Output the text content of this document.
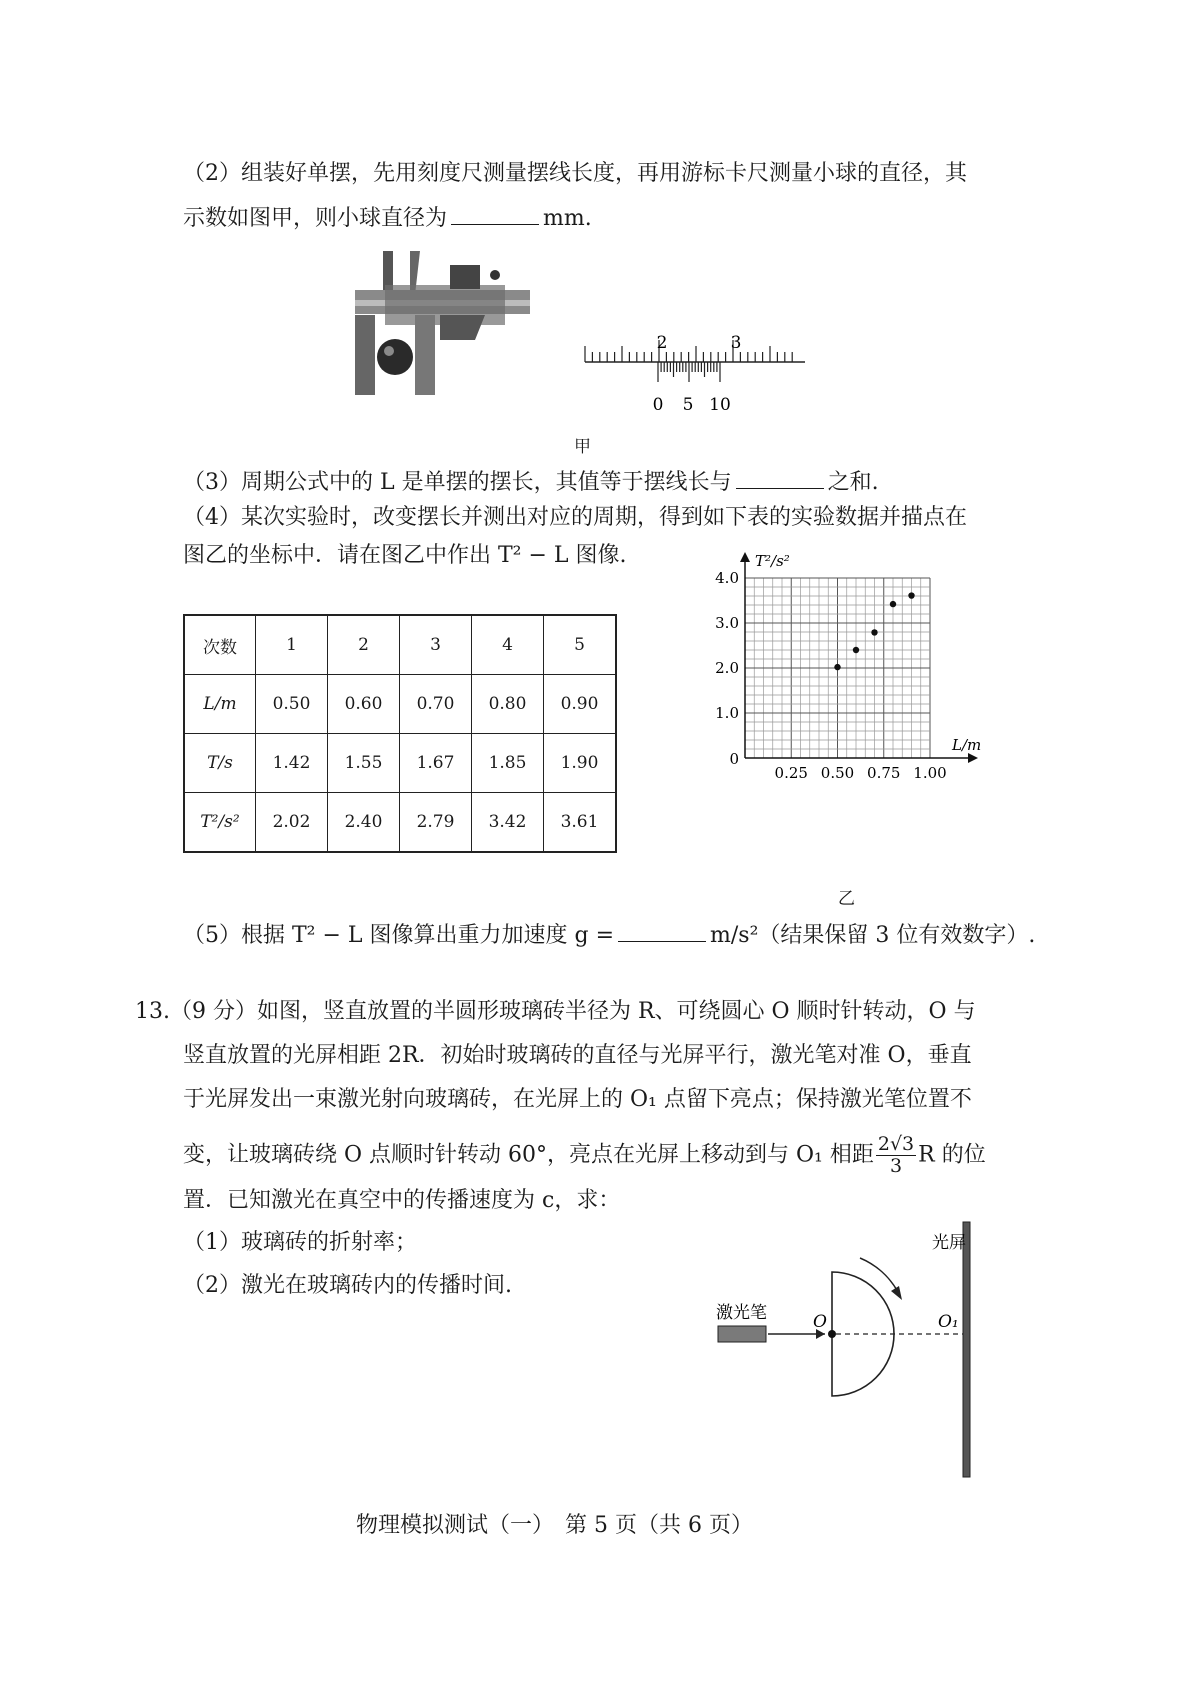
（2）组装好单摆，先用刻度尺测量摆线长度，再用游标卡尺测量小球的直径，其
示数如图甲，则小球直径为	mm.
2	3
0 5 10
甲
（3）周期公式中的 L 是单摆的摆长，其值等于摆线长与	之和.
（4）某次实验时，改变摆长并测出对应的周期，得到如下表的实验数据并描点在
图乙的坐标中．请在图乙中作出 T² − L 图像.
次数	1	2	3	4	5
L/m	0.50	0.60	0.70	0.80	0.90
T/s	1.42	1.55	1.67	1.85	1.90
T²/s²	2.02	2.40	2.79	3.42	3.61
0.25 0.50 0.75 1.00
1.0
2.0
3.0
4.0
0
T²/s²
L/m
乙
（5）根据 T² − L 图像算出重力加速度 g =	m/s²（结果保留 3 位有效数字）.
13.（9 分）如图，竖直放置的半圆形玻璃砖半径为 R、可绕圆心 O 顺时针转动，O 与
竖直放置的光屏相距 2R．初始时玻璃砖的直径与光屏平行，激光笔对准 O，垂直
于光屏发出一束激光射向玻璃砖，在光屏上的 O₁ 点留下亮点；保持激光笔位置不
变，让玻璃砖绕 O 点顺时针转动 60°，亮点在光屏上移动到与 O₁ 相距 $\frac{2√3}{3}$ R 的位
置．已知激光在真空中的传播速度为 c，求：
（1）玻璃砖的折射率；
（2）激光在玻璃砖内的传播时间.
光屏
激光笔	O	O₁
物理模拟测试（一）　第 5 页（共 6 页）
